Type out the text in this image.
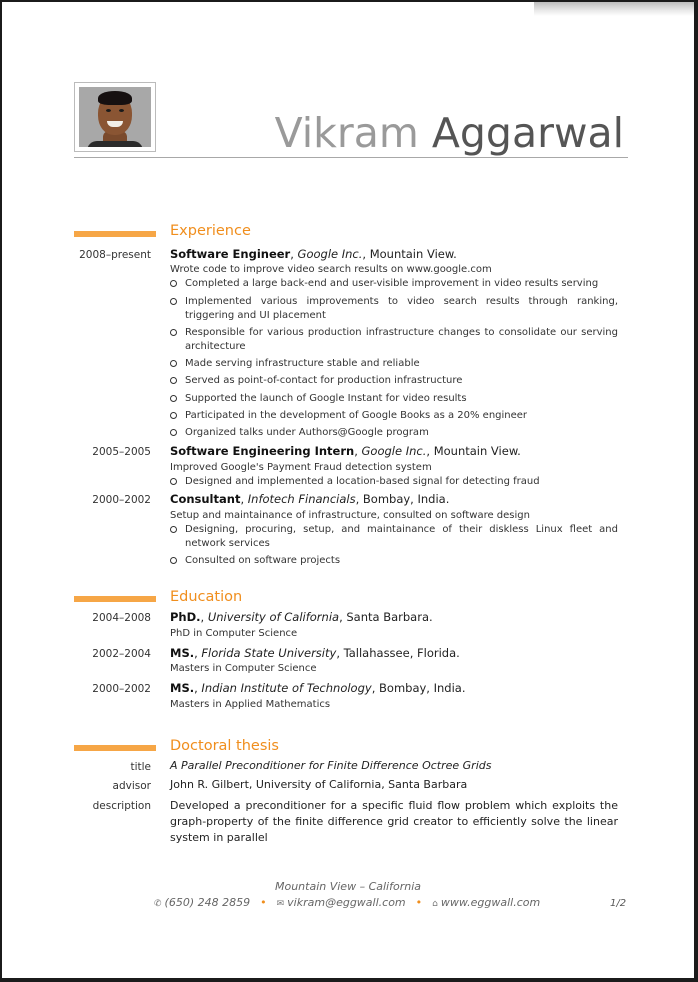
Vikram Aggarwal
Experience
2008–present Software Engineer, Google Inc., Mountain View.
Wrote code to improve video search results on www.google.com
Completed a large back-end and user-visible improvement in video results serving
Implemented various improvements to video search results through ranking, triggering and UI placement
Responsible for various production infrastructure changes to consolidate our serving architecture
Made serving infrastructure stable and reliable
Served as point-of-contact for production infrastructure
Supported the launch of Google Instant for video results
Participated in the development of Google Books as a 20% engineer
Organized talks under Authors@Google program
2005–2005 Software Engineering Intern, Google Inc., Mountain View.
Improved Google's Payment Fraud detection system
Designed and implemented a location-based signal for detecting fraud
2000–2002 Consultant, Infotech Financials, Bombay, India.
Setup and maintainance of infrastructure, consulted on software design
Designing, procuring, setup, and maintainance of their diskless Linux fleet and network services
Consulted on software projects
Education
2004–2008 PhD., University of California, Santa Barbara.
PhD in Computer Science
2002–2004 MS., Florida State University, Tallahassee, Florida.
Masters in Computer Science
2000–2002 MS., Indian Institute of Technology, Bombay, India.
Masters in Applied Mathematics
Doctoral thesis
title A Parallel Preconditioner for Finite Difference Octree Grids
advisor John R. Gilbert, University of California, Santa Barbara
description Developed a preconditioner for a specific fluid flow problem which exploits the graph-property of the finite difference grid creator to efficiently solve the linear system in parallel
Mountain View – California
✆ (650) 248 2859 • ✉ vikram@eggwall.com • ⌂ www.eggwall.com	1/2
